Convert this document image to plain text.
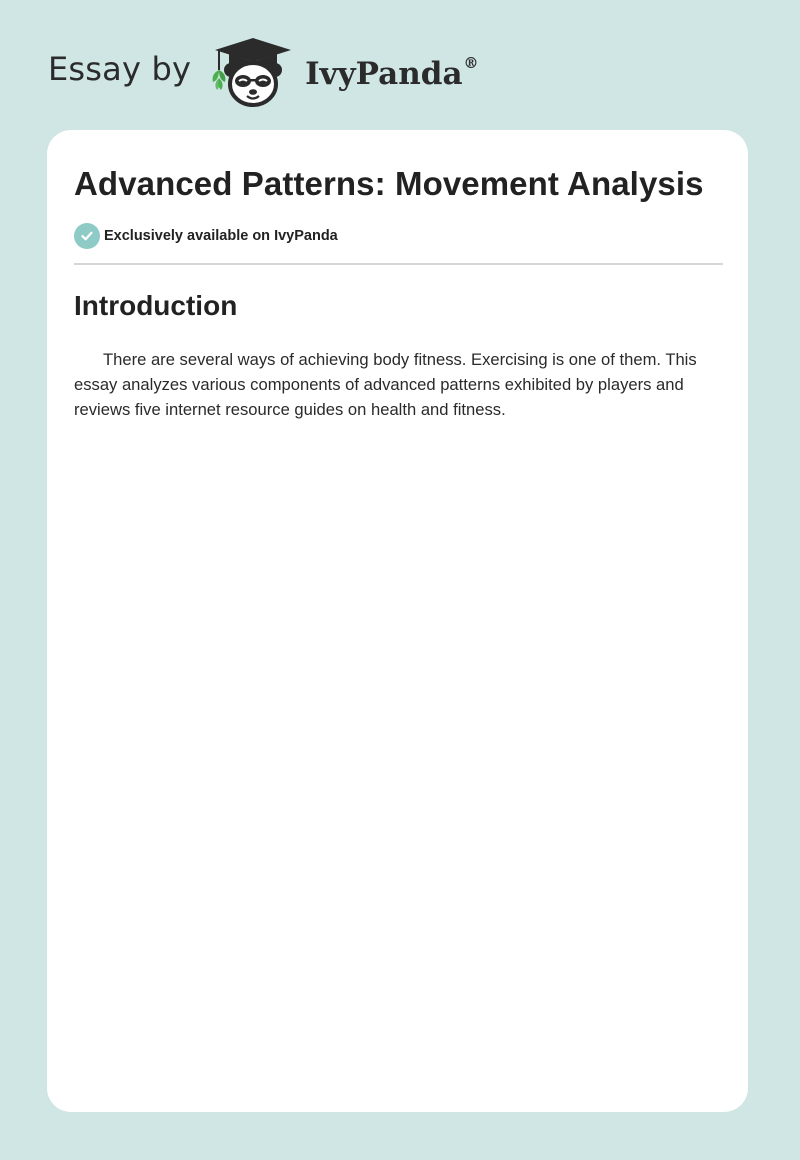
Essay by	IvyPanda®
Advanced Patterns: Movement Analysis
Exclusively available on IvyPanda
Introduction

There are several ways of achieving body fitness. Exercising is one of them. This essay analyzes various components of advanced patterns exhibited by players and reviews five internet resource guides on health and fitness.
